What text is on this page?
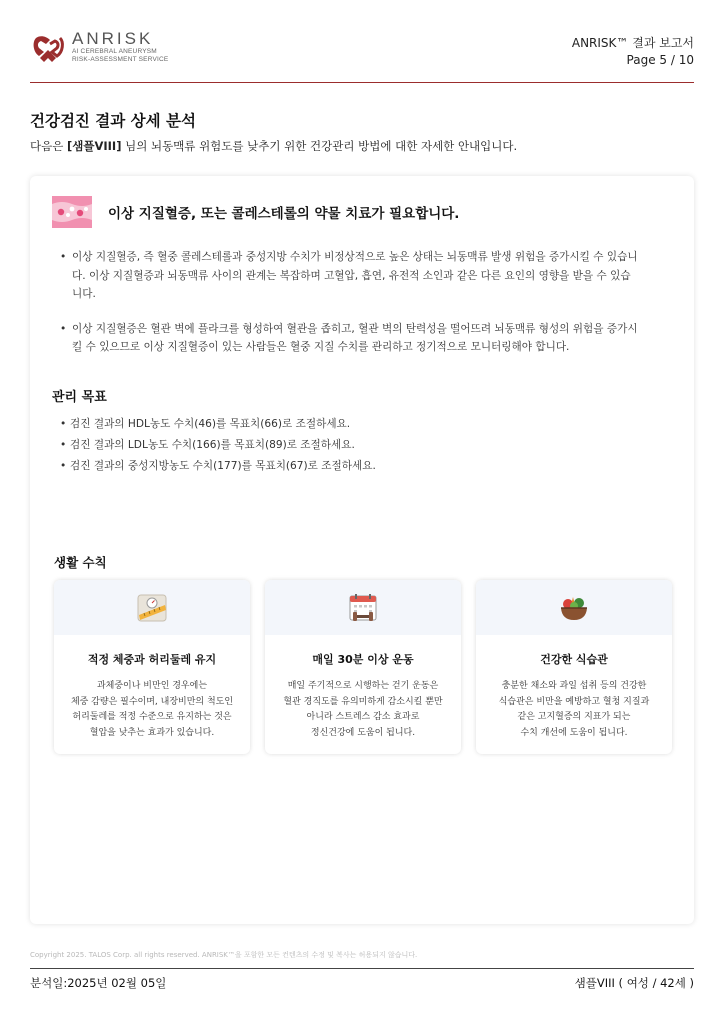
ANRISK
AI CEREBRAL ANEURYSM
RISK-ASSESSMENT SERVICE
ANRISK™ 결과 보고서
Page 5 / 10
건강검진 결과 상세 분석
다음은 [샘플VIII] 님의 뇌동맥류 위험도를 낮추기 위한 건강관리 방법에 대한 자세한 안내입니다.
이상 지질혈증, 또는 콜레스테롤의 약물 치료가 필요합니다.
• 이상 지질혈증, 즉 혈중 콜레스테롤과 중성지방 수치가 비정상적으로 높은 상태는 뇌동맥류 발생 위험을 증가시킬 수 있습니다. 이상 지질혈증과 뇌동맥류 사이의 관계는 복잡하며 고혈압, 흡연, 유전적 소인과 같은 다른 요인의 영향을 받을 수 있습니다.
• 이상 지질혈증은 혈관 벽에 플라크를 형성하여 혈관을 좁히고, 혈관 벽의 탄력성을 떨어뜨려 뇌동맥류 형성의 위험을 증가시킬 수 있으므로 이상 지질혈증이 있는 사람들은 혈중 지질 수치를 관리하고 정기적으로 모니터링해야 합니다.
관리 목표
• 검진 결과의 HDL농도 수치(46)를 목표치(66)로 조절하세요.
• 검진 결과의 LDL농도 수치(166)를 목표치(89)로 조절하세요.
• 검진 결과의 중성지방농도 수치(177)를 목표치(67)로 조절하세요.
생활 수칙
적정 체중과 허리둘레 유지
과체중이나 비만인 경우에는
체중 감량은 필수이며, 내장비만의 척도인
허리둘레를 적정 수준으로 유지하는 것은
혈압을 낮추는 효과가 있습니다.
매일 30분 이상 운동
매일 주기적으로 시행하는 걷기 운동은
혈관 경직도를 유의미하게 감소시킬 뿐만
아니라 스트레스 감소 효과로
정신건강에 도움이 됩니다.
건강한 식습관
충분한 채소와 과일 섭취 등의 건강한
식습관은 비만을 예방하고 혈청 지질과
같은 고지혈증의 지표가 되는
수치 개선에 도움이 됩니다.
Copyright 2025. TALOS Corp. all rights reserved. ANRISK™을 포함한 모든 컨텐츠의 수정 및 복사는 허용되지 않습니다.
분석일:2025년 02월 05일	샘플VIII ( 여성 / 42세 )
